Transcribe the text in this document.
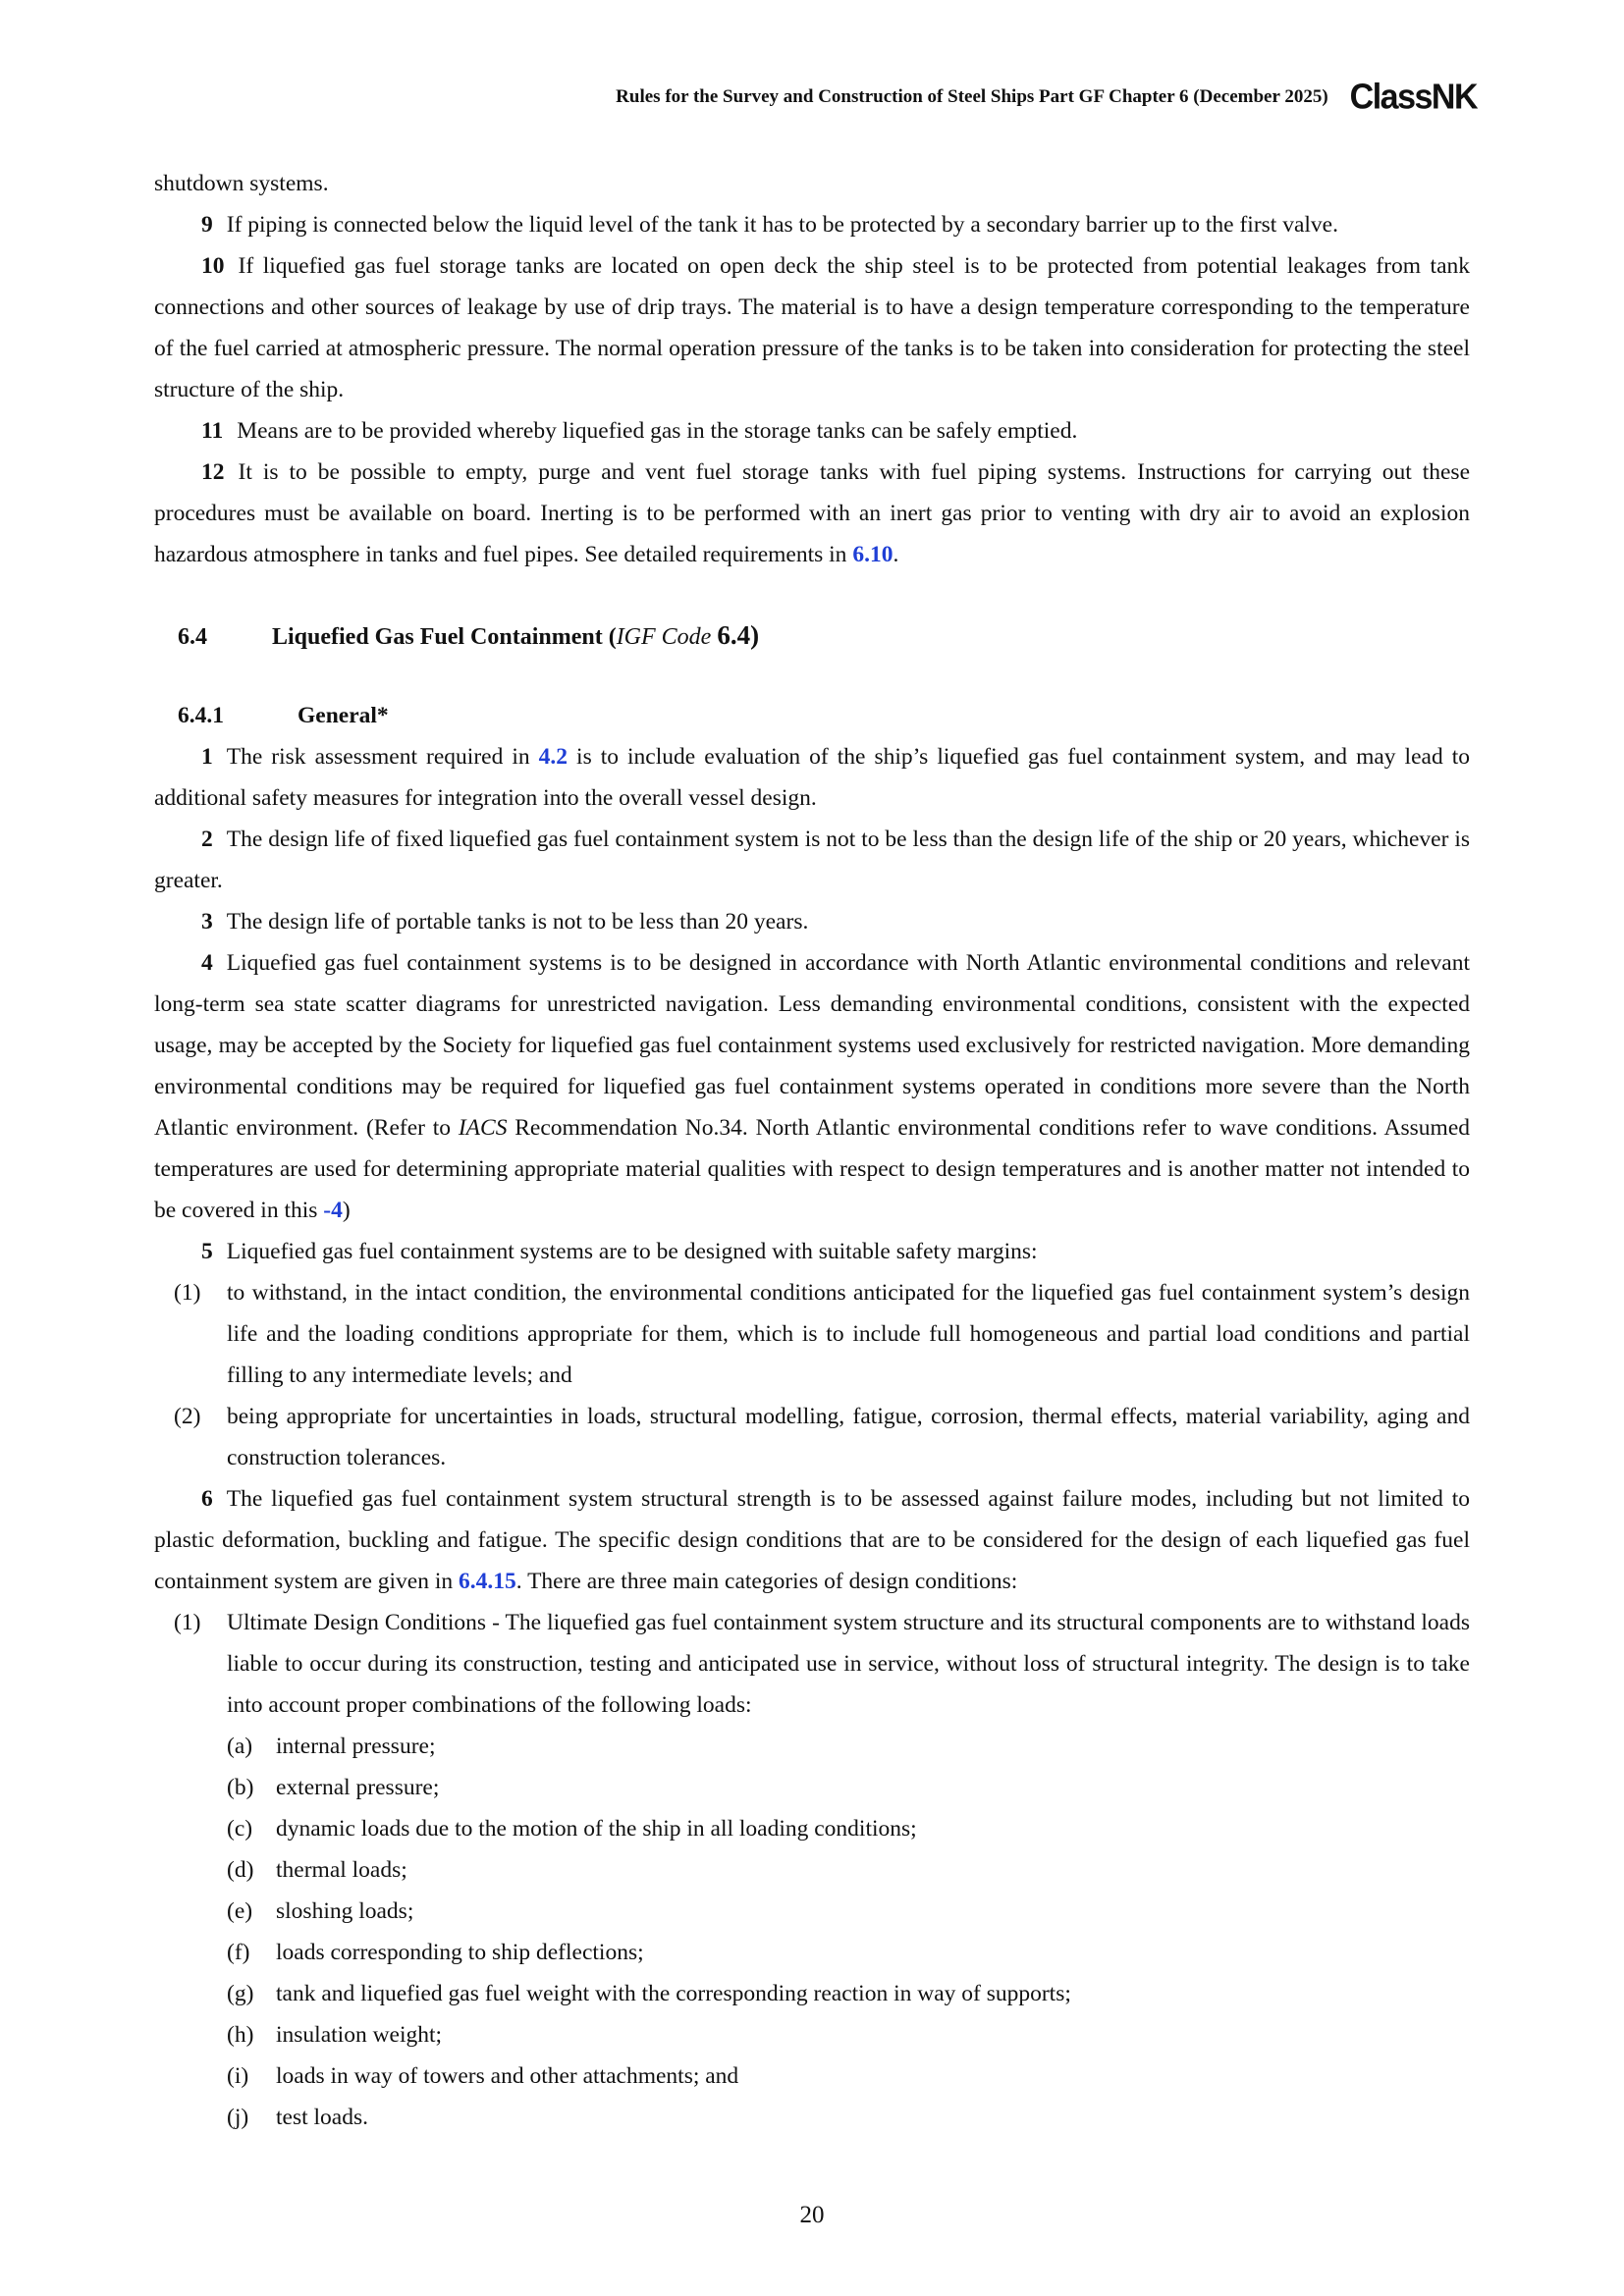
Rules for the Survey and Construction of Steel Ships Part GF Chapter 6 (December 2025) ClassNK

shutdown systems.

9 If piping is connected below the liquid level of the tank it has to be protected by a secondary barrier up to the first valve.

10 If liquefied gas fuel storage tanks are located on open deck the ship steel is to be protected from potential leakages from tank connections and other sources of leakage by use of drip trays. The material is to have a design temperature corresponding to the temperature of the fuel carried at atmospheric pressure. The normal operation pressure of the tanks is to be taken into consideration for protecting the steel structure of the ship.

11 Means are to be provided whereby liquefied gas in the storage tanks can be safely emptied.

12 It is to be possible to empty, purge and vent fuel storage tanks with fuel piping systems. Instructions for carrying out these procedures must be available on board. Inerting is to be performed with an inert gas prior to venting with dry air to avoid an explosion hazardous atmosphere in tanks and fuel pipes. See detailed requirements in 6.10.

6.4	Liquefied Gas Fuel Containment (IGF Code 6.4)
6.4.1	General*

1 The risk assessment required in 4.2 is to include evaluation of the ship’s liquefied gas fuel containment system, and may lead to additional safety measures for integration into the overall vessel design.

2 The design life of fixed liquefied gas fuel containment system is not to be less than the design life of the ship or 20 years, whichever is greater.

3 The design life of portable tanks is not to be less than 20 years.

4 Liquefied gas fuel containment systems is to be designed in accordance with North Atlantic environmental conditions and relevant long-term sea state scatter diagrams for unrestricted navigation. Less demanding environmental conditions, consistent with the expected usage, may be accepted by the Society for liquefied gas fuel containment systems used exclusively for restricted navigation. More demanding environmental conditions may be required for liquefied gas fuel containment systems operated in conditions more severe than the North Atlantic environment. (Refer to IACS Recommendation No.34. North Atlantic environmental conditions refer to wave conditions. Assumed temperatures are used for determining appropriate material qualities with respect to design temperatures and is another matter not intended to be covered in this -4)

5 Liquefied gas fuel containment systems are to be designed with suitable safety margins:

(1)	to withstand, in the intact condition, the environmental conditions anticipated for the liquefied gas fuel containment system’s design life and the loading conditions appropriate for them, which is to include full homogeneous and partial load conditions and partial filling to any intermediate levels; and
(2)	being appropriate for uncertainties in loads, structural modelling, fatigue, corrosion, thermal effects, material variability, aging and construction tolerances.

6 The liquefied gas fuel containment system structural strength is to be assessed against failure modes, including but not limited to plastic deformation, buckling and fatigue. The specific design conditions that are to be considered for the design of each liquefied gas fuel containment system are given in 6.4.15. There are three main categories of design conditions:

(1)	Ultimate Design Conditions - The liquefied gas fuel containment system structure and its structural components are to withstand loads liable to occur during its construction, testing and anticipated use in service, without loss of structural integrity. The design is to take into account proper combinations of the following loads:
(a)	internal pressure;
(b) external pressure;
(c)	dynamic loads due to the motion of the ship in all loading conditions;
(d) thermal loads;
(e)	sloshing loads;
(f)	loads corresponding to ship deflections;
(g) tank and liquefied gas fuel weight with the corresponding reaction in way of supports;
(h) insulation weight;
(i)	loads in way of towers and other attachments; and
(j)	test loads.
20
